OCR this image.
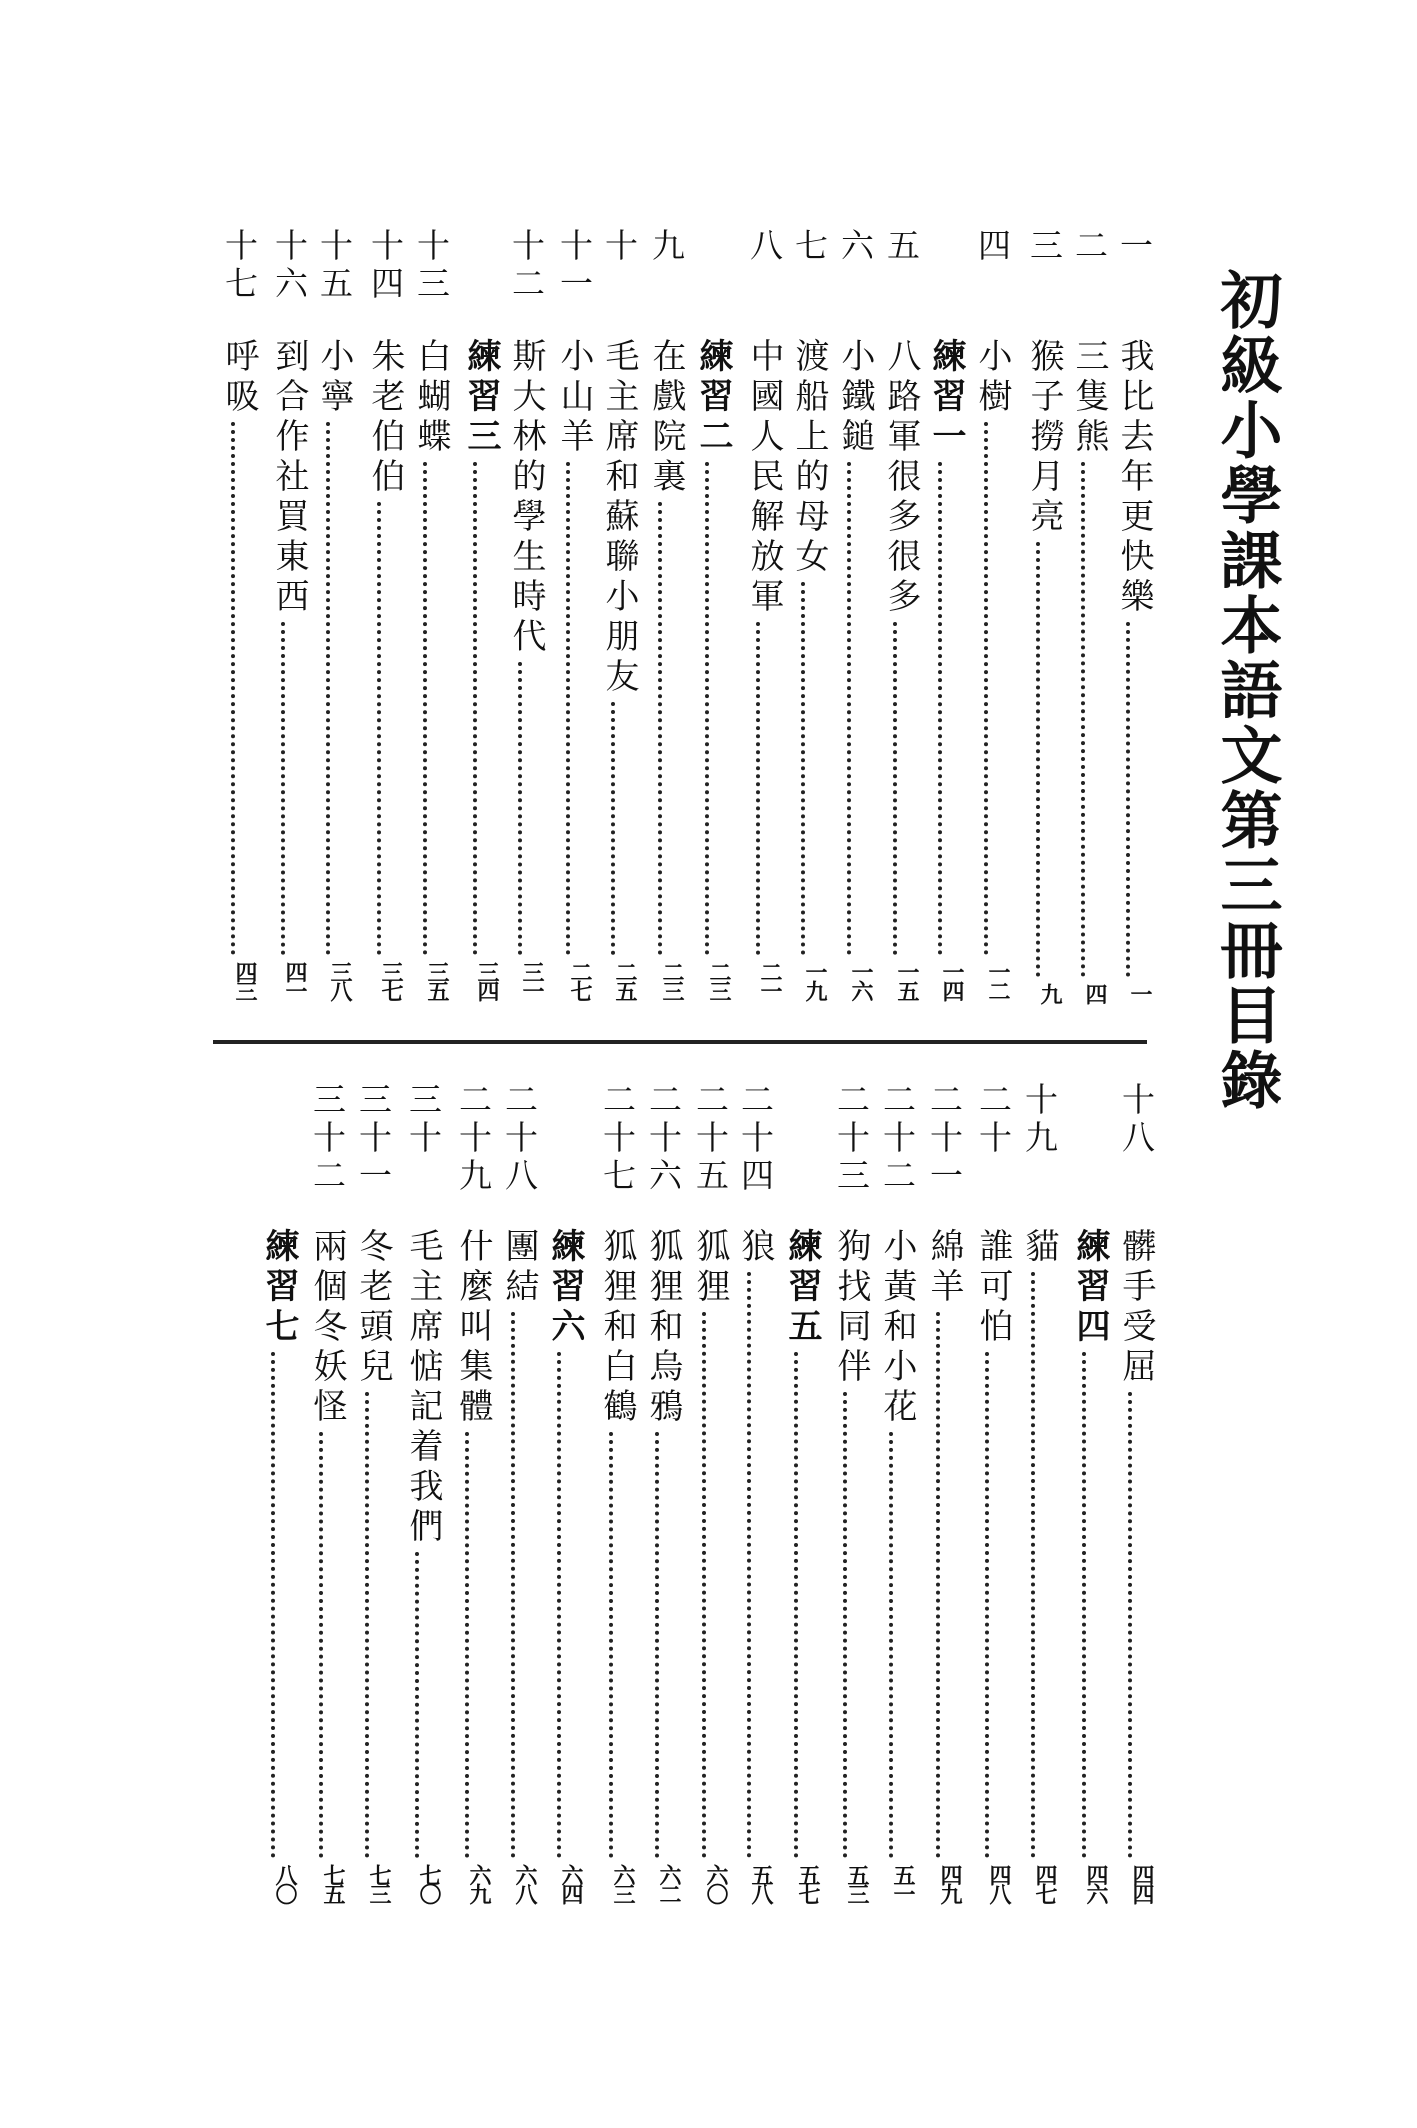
初級小學課本語文第三冊目錄
一
我比去年更快樂
一
二
三隻熊
四
三
猴子撈月亮
九
四
小樹
一二
練習一
一四
五
八路軍很多很多
一五
六
小鐵鎚
一六
七
渡船上的母女
一九
八
中國人民解放軍
二一
練習二
二三
九
在戲院裏
二三
十
毛主席和蘇聯小朋友
二五
十一
小山羊
二七
十二
斯大林的學生時代
三一
練習三
三四
十三
白蝴蝶
三五
十四
朱老伯伯
三七
十五
小寧
三八
十六
到合作社買東西
四一
十七
呼吸
四三
十八
髒手受屈
四四
練習四
四六
十九
貓
四七
二十
誰可怕
四八
二十一
綿羊
四九
二十二
小黃和小花
五一
二十三
狗找同伴
五三
練習五
五七
二十四
狼
五八
二十五
狐狸
六〇
二十六
狐狸和烏鴉
六二
二十七
狐狸和白鶴
六三
練習六
六四
二十八
團結
六八
二十九
什麼叫集體
六九
三十
毛主席惦記着我們
七〇
三十一
冬老頭兒
七三
三十二
兩個冬妖怪
七五
練習七
八〇
